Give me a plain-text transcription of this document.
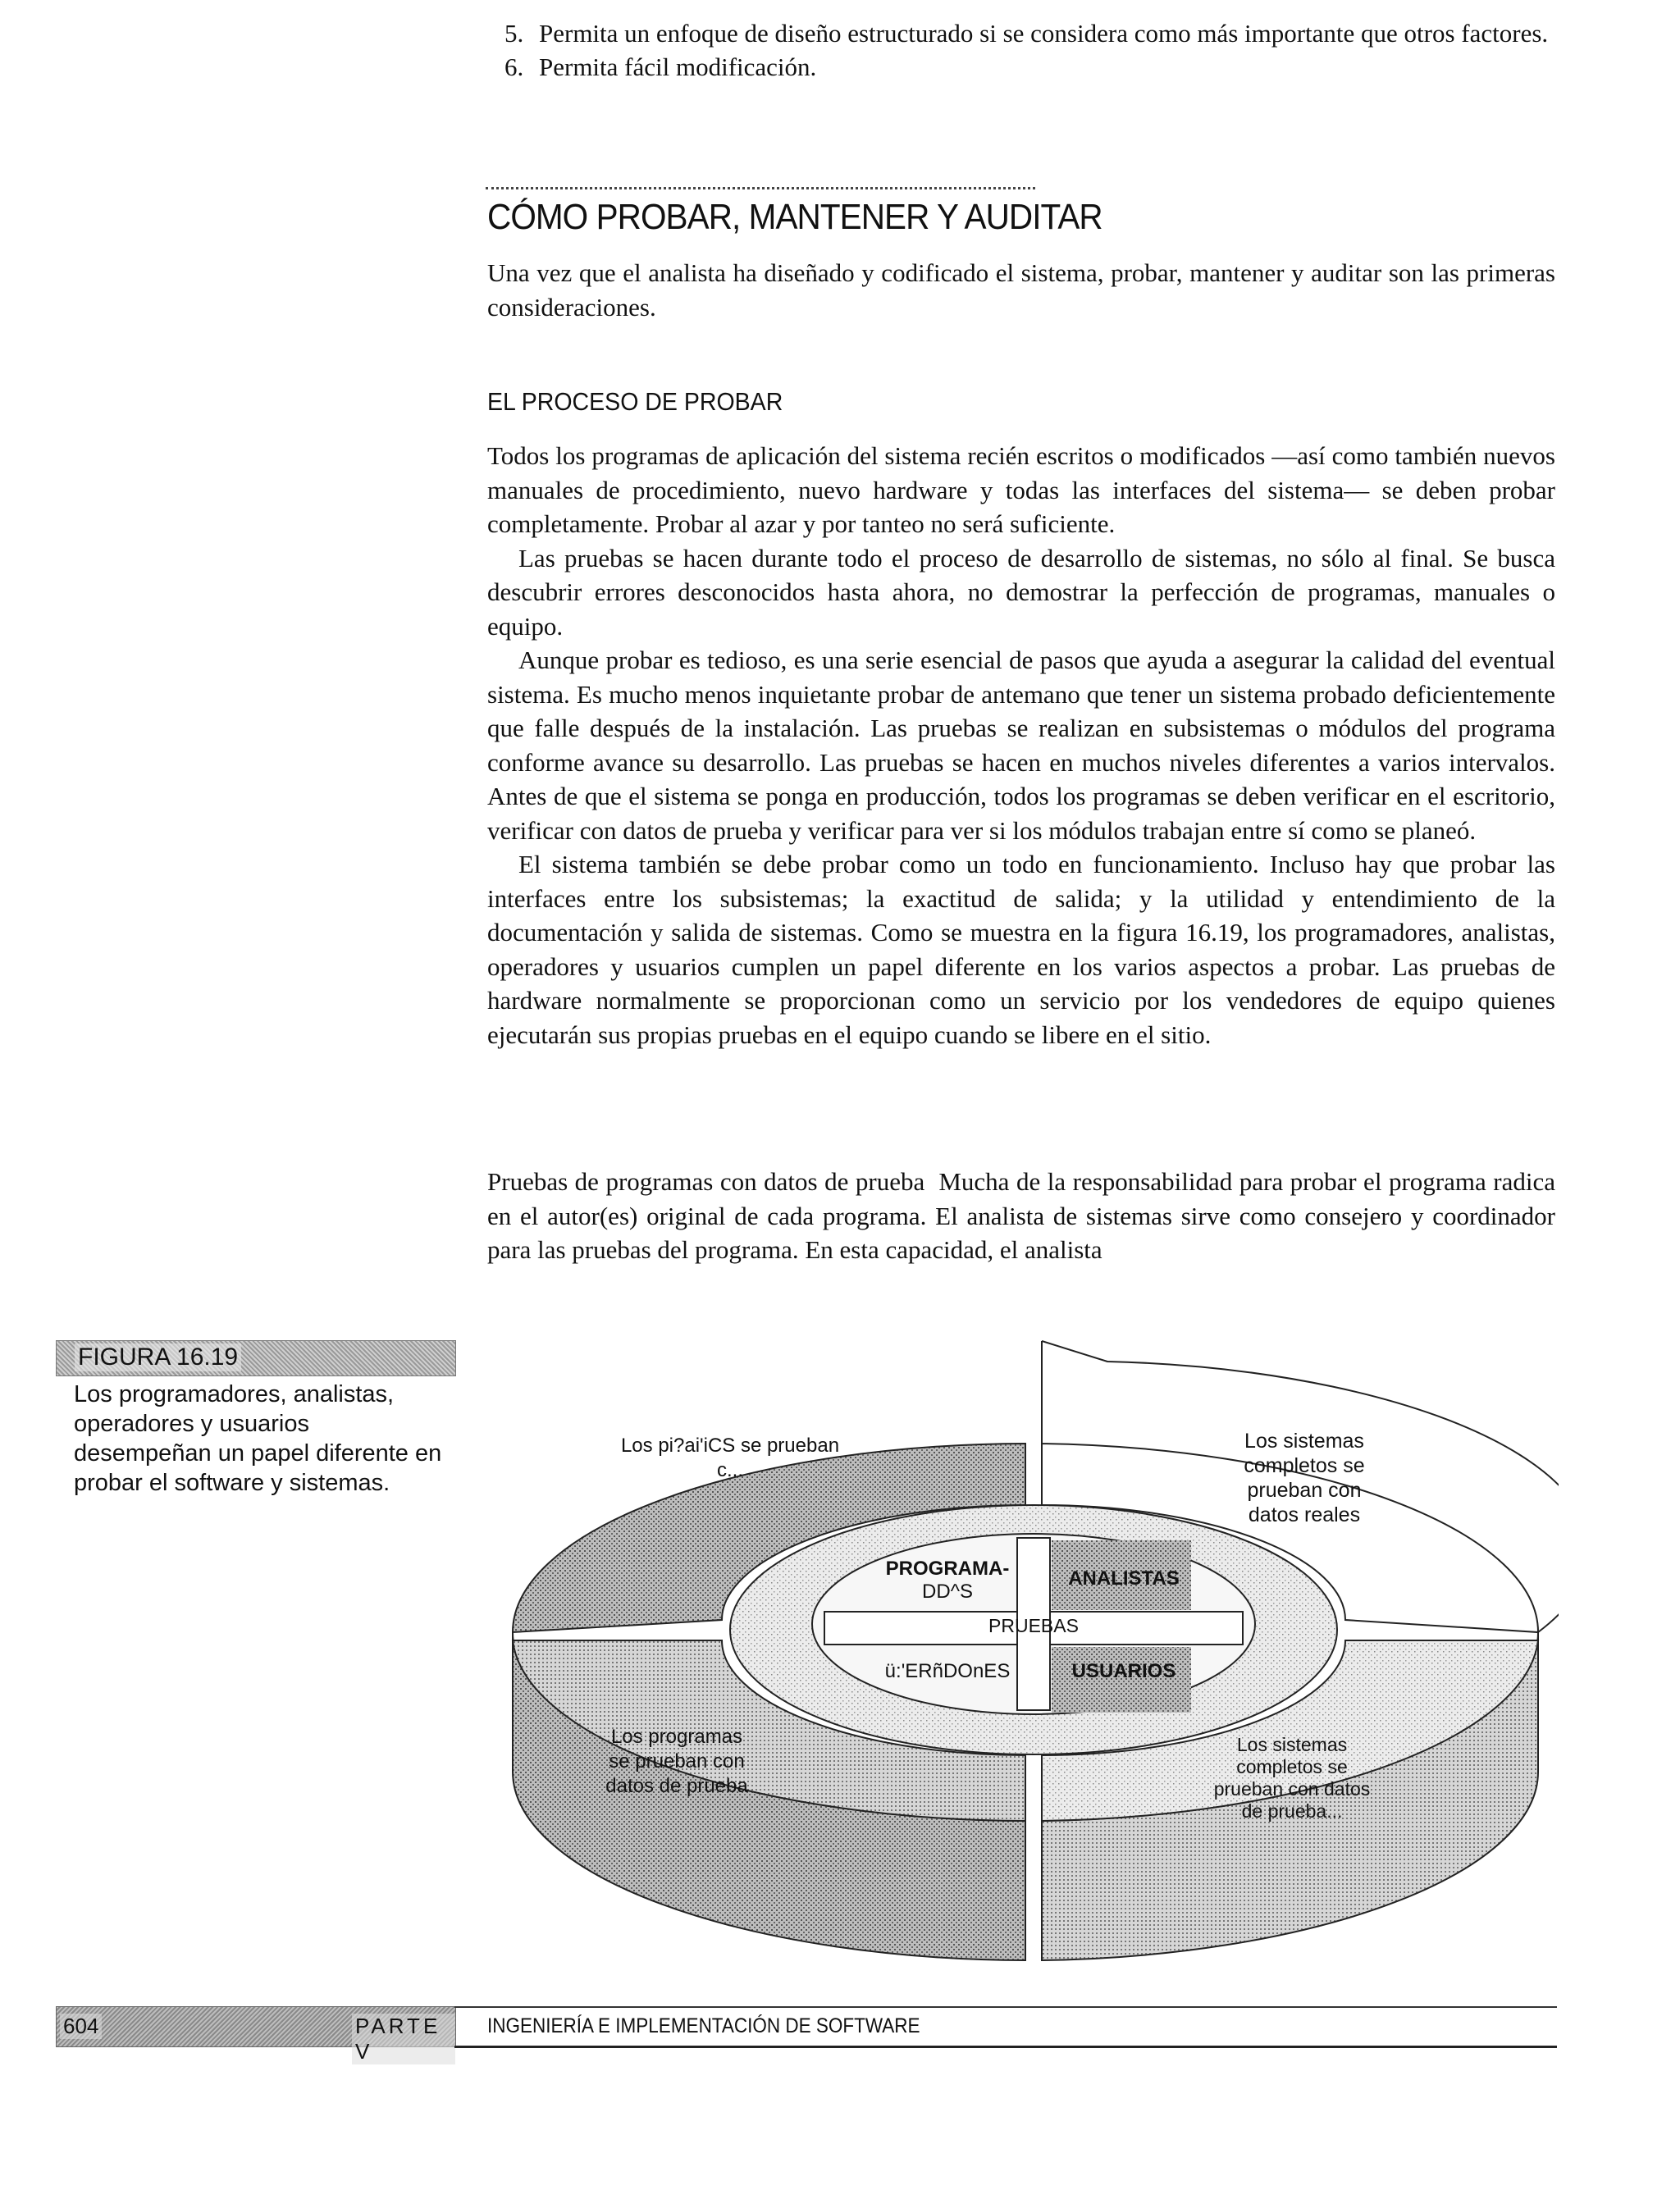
5. Permita un enfoque de diseño estructurado si se considera como más importante que otros factores.
6. Permita fácil modificación.
CÓMO PROBAR, MANTENER Y AUDITAR

Una vez que el analista ha diseñado y codificado el sistema, probar, mantener y auditar son las primeras consideraciones.

EL PROCESO DE PROBAR

Todos los programas de aplicación del sistema recién escritos o modificados —así como también nuevos manuales de procedimiento, nuevo hardware y todas las interfaces del sistema— se deben probar completamente. Probar al azar y por tanteo no será suficiente.

Las pruebas se hacen durante todo el proceso de desarrollo de sistemas, no sólo al final. Se busca descubrir errores desconocidos hasta ahora, no demostrar la perfección de programas, manuales o equipo.

Aunque probar es tedioso, es una serie esencial de pasos que ayuda a asegurar la calidad del eventual sistema. Es mucho menos inquietante probar de antemano que tener un sistema probado deficientemente que falle después de la instalación. Las pruebas se realizan en subsistemas o módulos del programa conforme avance su desarrollo. Las pruebas se hacen en muchos niveles diferentes a varios intervalos. Antes de que el sistema se ponga en producción, todos los programas se deben verificar en el escritorio, verificar con datos de prueba y verificar para ver si los módulos trabajan entre sí como se planeó.

El sistema también se debe probar como un todo en funcionamiento. Incluso hay que probar las interfaces entre los subsistemas; la exactitud de salida; y la utilidad y entendimiento de la documentación y salida de sistemas. Como se muestra en la figura 16.19, los programadores, analistas, operadores y usuarios cumplen un papel diferente en los varios aspectos a probar. Las pruebas de hardware normalmente se proporcionan como un servicio por los vendedores de equipo quienes ejecutarán sus propias pruebas en el equipo cuando se libere en el sitio.

Pruebas de programas con datos de prueba Mucha de la responsabilidad para probar el programa radica en el autor(es) original de cada programa. El analista de sistemas sirve como consejero y coordinador para las pruebas del programa. En esta capacidad, el analista

FIGURA 16.19
Los programadores, analistas, operadores y usuarios desempeñan un papel diferente en probar el software y sistemas.
PRUEBAS
PROGRAMA-
DD^S
ANALISTAS
ü:'ERñDOnES	USUARIOS
Los pi?ai'iCS se prueban
c...
Los sistemas
completos se
prueban con
datos reales
Los programas
se prueban con
datos de prueba
Los sistemas
completos se
prueban con datos
de prueba...
604	PARTE V
INGENIERÍA E IMPLEMENTACIÓN DE SOFTWARE
